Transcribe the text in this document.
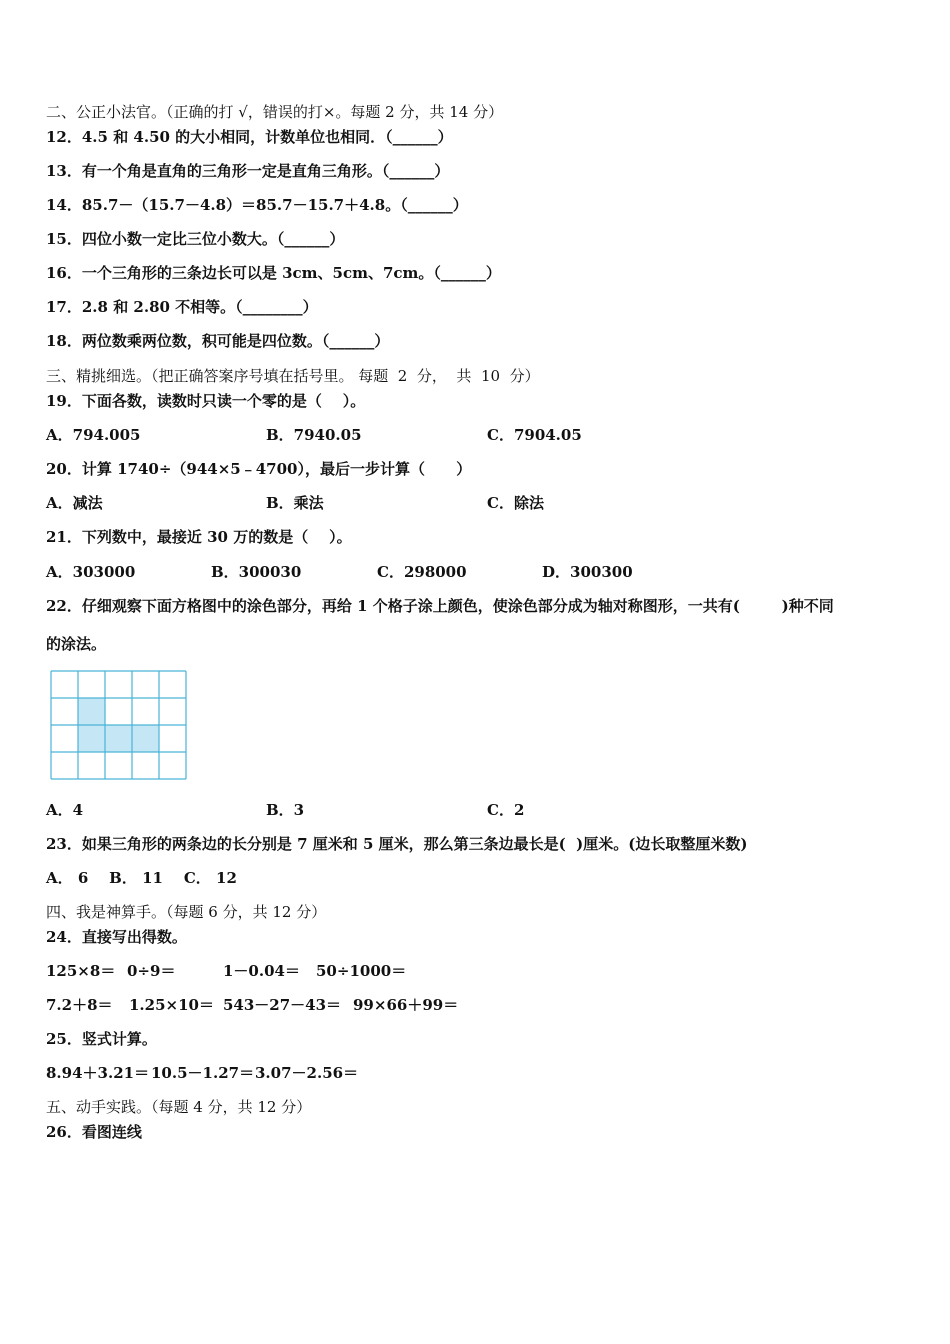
二、公正小法官。（正确的打 √，错误的打×。每题 2 分，共 14 分）
12．4.5 和 4.50 的大小相同，计数单位也相同．（______）
13．有一个角是直角的三角形一定是直角三角形。（______）
14．85.7－（15.7－4.8）＝85.7－15.7＋4.8。（______）
15．四位小数一定比三位小数大。（______）
16．一个三角形的三条边长可以是 3cm、5cm、7cm。（______）
17．2.8 和 2.80 不相等。（________）
18．两位数乘两位数，积可能是四位数。（______）
三、精挑细选。（把正确答案序号填在括号里。 每题  2  分，  共  10  分）
19．下面各数，读数时只读一个零的是（    ）。
A．794.005	B．7940.05	C．7904.05
20．计算 1740÷（944×5﹣4700），最后一步计算（      ）
A．减法	B．乘法	C．除法
21．下列数中，最接近 30 万的数是（    ）。
A．303000	B．300030	C．298000	D．300300
22．仔细观察下面方格图中的涂色部分，再给 1 个格子涂上颜色，使涂色部分成为轴对称图形，一共有(        )种不同
的涂法。
A．4	B．3	C．2
23．如果三角形的两条边的长分别是 7 厘米和 5 厘米，那么第三条边最长是(  )厘米。(边长取整厘米数)
A． 6    B． 11    C． 12
四、我是神算手。（每题 6 分，共 12 分）
24．直接写出得数。
125×8＝ 0÷9＝	1－0.04＝ 50÷1000＝
7.2＋8＝ 1.25×10＝ 543－27－43＝ 99×66＋99＝
25．竖式计算。
8.94＋3.21＝ 10.5－1.27＝ 3.07－2.56＝
五、动手实践。（每题 4 分，共 12 分）
26．看图连线
